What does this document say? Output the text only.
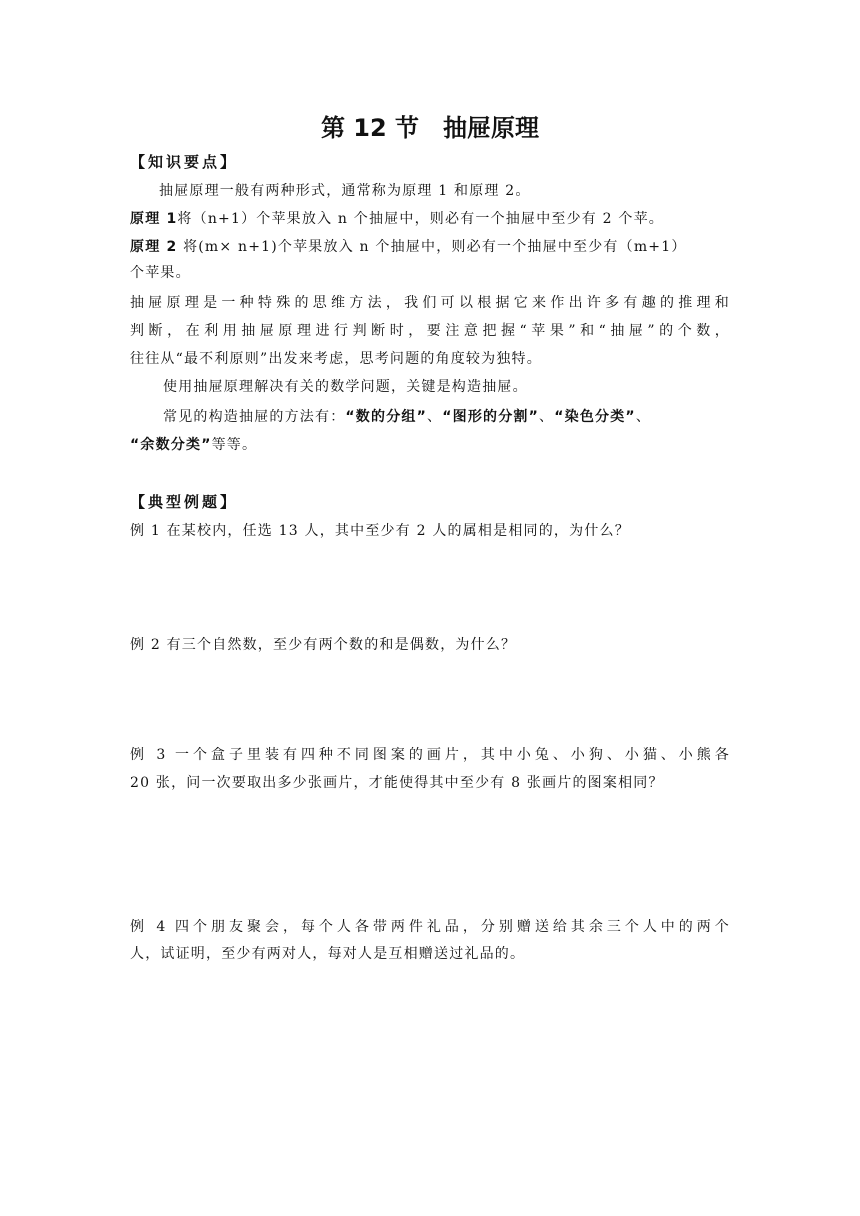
第 12 节　抽屉原理
【知识要点】
抽屉原理一般有两种形式，通常称为原理 1 和原理 2。
原理 1将（n+1）个苹果放入 n 个抽屉中，则必有一个抽屉中至少有 2 个苹。
原理 2 将(m× n+1)个苹果放入 n 个抽屉中，则必有一个抽屉中至少有（m+1）
个苹果。
抽屉原理是一种特殊的思维方法，我们可以根据它来作出许多有趣的推理和
判断，在利用抽屉原理进行判断时，要注意把握“苹果”和“抽屉”的个数，
往往从“最不利原则”出发来考虑，思考问题的角度较为独特。
使用抽屉原理解决有关的数学问题，关键是构造抽屉。
常见的构造抽屉的方法有：“数的分组”、“图形的分割”、“染色分类”、
“余数分类”等等。
【典型例题】
例 1 在某校内，任选 13 人，其中至少有 2 人的属相是相同的，为什么？
例 2 有三个自然数，至少有两个数的和是偶数，为什么？
例 3 一个盒子里装有四种不同图案的画片，其中小兔、小狗、小猫、小熊各
20 张，问一次要取出多少张画片，才能使得其中至少有 8 张画片的图案相同？
例 4 四个朋友聚会，每个人各带两件礼品，分别赠送给其余三个人中的两个
人，试证明，至少有两对人，每对人是互相赠送过礼品的。
